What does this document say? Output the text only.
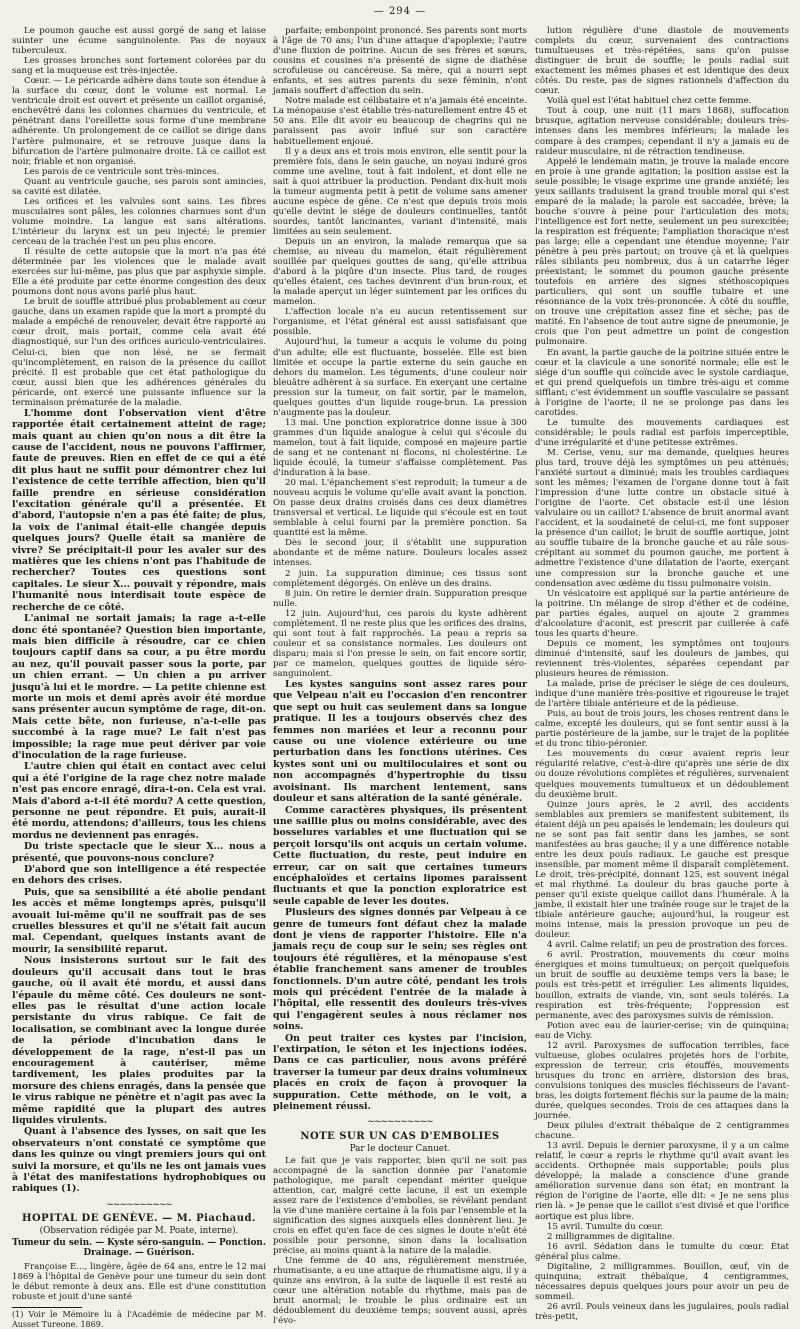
— 294 —

Le poumon gauche est aussi gorgé de sang et laisse suinter une écume sanguinolente. Pas de noyaux tuberculeux.

Les grosses bronches sont fortement colorées par du sang et la muqueuse est très-injectée.

Cœur. — Le péricarde adhère dans toute son étendue à la surface du cœur, dont le volume est normal. Le ventricule droit est ouvert et présente un caillot organisé, enchevêtré dans les colonnes charnues du ventricule, et pénétrant dans l'oreillette sous forme d'une membrane adhérente. Un prolongement de ce caillot se dirige dans l'artère pulmonaire, et se retrouve jusque dans la bifurcation de l'artère pulmonaire droite. Là ce caillot est noir, friable et non organisé.

Les parois de ce ventricule sont très-minces.

Quant au ventricule gauche, ses parois sont amincies, sa cavité est dilatée.

Les orifices et les valvules sont sains. Les fibres musculaires sont pâles, les colonnes charnues sont d'un volume moindre. La langue est sans altérations. L'intérieur du larynx est un peu injecté; le premier cerceau de la trachée l'est un peu plus encore.

Il résulte de cette autopsie que la mort n'a pas été déterminée par les violences que le malade avait exercées sur lui-même, pas plus que par asphyxie simple. Elle a été produite par cette énorme congestion des deux poumons dont nous avons parlé plus haut.

Le bruit de souffle attribué plus probablement au cœur gauche, dans un examen rapide que la mort a prompté du malade a empêché de renouveler, devait être rapporté au cœur droit, mais portait, comme cela avait été diagnostiqué, sur l'un des orifices auriculo-ventriculaires. Celui-ci, bien que non lésé, ne se fermait qu'incomplètement, en raison de la présence du caillot précité. Il est probable que cet état pathologique du cœur, aussi bien que les adhérences générales du péricarde, ont exercé une puissante influence sur la terminaison prématurée de la maladie.

L'homme dont l'observation vient d'être rapportée était certainement atteint de rage; mais quant au chien qu'on nous a dit être la cause de l'accident, nous ne pouvons l'affirmer, faute de preuves. Rien en effet de ce qui a été dit plus haut ne suffit pour démontrer chez lui l'existence de cette terrible affection, bien qu'il faille prendre en sérieuse considération l'excitation générale qu'il a présentée. Et d'abord, l'autopsie n'en a pas été faite; de plus, la voix de l'animal était-elle changée depuis quelques jours? Quelle était sa manière de vivre? Se précipitait-il pour les avaler sur des matières que les chiens n'ont pas l'habitude de rechercher? Toutes ces questions sont capitales. Le sieur X... pouvait y répondre, mais l'humanité nous interdisait toute espèce de recherche de ce côté.

L'animal ne sortait jamais; la rage a-t-elle donc été spontanée? Question bien importante, mais bien difficile à résoudre, car ce chien toujours captif dans sa cour, a pu être mordu au nez, qu'il pouvait passer sous la porte, par un chien errant. — Un chien a pu arriver jusqu'à lui et le mordre. — La petite chienne est morte un mois et demi après avoir été mordue sans présenter aucun symptôme de rage, dit-on. Mais cette bête, non furieuse, n'a-t-elle pas succombé à la rage mue? Le fait n'est pas impossible; la rage mue peut dériver par voie d'inoculation de la rage furieuse.

L'autre chien qui était en contact avec celui qui a été l'origine de la rage chez notre malade n'est pas encore enragé, dira-t-on. Cela est vrai. Mais d'abord a-t-il été mordu? A cette question, personne ne peut répondre. Et puis, aurait-il été mordu, attendons; d'ailleurs, tous les chiens mordus ne deviennent pas enragés.

Du triste spectacle que le sieur X... nous a présenté, que pouvons-nous conclure?

D'abord que son intelligence a été respectée en dehors des crises.

Puis, que sa sensibilité a été abolie pendant les accès et même longtemps après, puisqu'il avouait lui-même qu'il ne souffrait pas de ses cruelles blessures et qu'il ne s'était fait aucun mal. Cependant, quelques instants avant de mourir, la sensibilité reparut.

Nous insisterons surtout sur le fait des douleurs qu'il accusait dans tout le bras gauche, où il avait été mordu, et aussi dans l'épaule du même côté. Ces douleurs ne sont-elles pas le résultat d'une action locale persistante du virus rabique. Ce fait de localisation, se combinant avec la longue durée de la période d'incubation dans le développement de la rage, n'est-il pas un encouragement à cautériser, même tardivement, les plaies produites par la morsure des chiens enragés, dans la pensée que le virus rabique ne pénètre et n'agit pas avec la même rapidité que la plupart des autres liquides virulents.

Quant à l'absence des lysses, on sait que les observateurs n'ont constaté ce symptôme que dans les quinze ou vingt premiers jours qui ont suivi la morsure, et qu'ils ne les ont jamais vues à l'état des manifestations hydrophobiques ou rabiques (1).

~~~~~~~~~~
HOPITAL DE GENÈVE. — M. Piachaud.
(Observation rédigée par M. Poate, interne).
Tumeur du sein. — Kyste séro-sanguin. — Ponction. Drainage. — Guérison.

Françoise E..., lingère, âgée de 64 ans, entre le 12 mai 1869 à l'hôpital de Genève pour une tumeur du sein dont le début remonte à deux ans. Elle est d'une constitution robuste et jouit d'une santé

(1) Voir le Mémoire lu à l'Académie de médecine par M. Ausset Tureone. 1869.

parfaite; embonpoint prononcé. Ses parents sont morts à l'âge de 70 ans; l'un d'une attaque d'apoplexie; l'autre d'une fluxion de poitrine. Aucun de ses frères et sœurs, cousins et cousines n'a présenté de signe de diathèse scrofuleuse ou cancéreuse. Sa mère, qui a nourri sept enfants, et ses autres parents du sexe féminin, n'ont jamais souffert d'affection du sein.

Notre malade est célibataire et n'a jamais été enceinte. La ménopause s'est établie très-naturellement entre 45 et 50 ans. Elle dit avoir eu beaucoup de chagrins qui ne paraissent pas avoir influé sur son caractère habituellement enjoué.

Il y a deux ans et trois mois environ, elle sentit pour la première fois, dans le sein gauche, un noyau induré gros comme une aveline, tout à fait indolent, et dont elle ne sait à quoi attribuer la production. Pendant dix-huit mois la tumeur augmenta petit à petit de volume sans amener aucune espèce de gêne. Ce n'est que depuis trois mois qu'elle devint le siége de douleurs continuelles, tantôt sourdes, tantôt lancinantes, variant d'intensité, mais limitées au sein seulement.

Depuis un an environ, la malade remarqua que sa chemise, au niveau du mamelon, était régulièrement souillée par quelques gouttes de sang, qu'elle attribua d'abord à la piqûre d'un insecte. Plus tard, de rouges qu'elles étaient, ces taches devinrent d'un brun-roux, et la malade aperçut un léger suintement par les orifices du mamelon.

L'affection locale n'a eu aucun retentissement sur l'organisme, et l'état général est aussi satisfaisant que possible.

Aujourd'hui, la tumeur a acquis le volume du poing d'un adulte; elle est fluctuante, bosselée. Elle est bien limitée et occupe la partie externe du sein gauche en dehors du mamelon. Les téguments, d'une couleur noir bleuâtre adhèrent à sa surface. En exerçant une certaine pression sur la tumeur, on fait sortir, par le mamelon, quelques gouttes d'un liquide rouge-brun. La pression n'augmente pas la douleur.

13 mai. Une ponction exploratrice donne issue à 300 grammes d'un liquide analogue à celui qui s'écoule du mamelon, tout à fait liquide, composé en majeure partie de sang et ne contenant ni flocons, ni cholestérine. Le liquide écoulé, la tumeur s'affaisse complètement. Pas d'induration à la base.

20 mai. L'épanchement s'est reproduit; la tumeur a de nouveau acquis le volume qu'elle avait avant la ponction. On passe deux drains croisés dans ces deux diamètres transversal et vertical. Le liquide qui s'écoule est en tout semblable à celui fourni par la première ponction. Sa quantité est la même.

Dès le second jour, il s'établit une suppuration abondante et de même nature. Douleurs locales assez intenses.

2 juin. La suppuration diminue; ces tissus sont complètement dégorgés. On enlève un des drains.

8 juin. On retire le dernier drain. Suppuration presque nulle.

12 juin. Aujourd'hui, ces parois du kyste adhèrent complètement. Il ne reste plus que les orifices des drains, qui sont tout à fait rapprochés. La peau a repris sa couleur et sa consistance normales. Les douleurs ont disparu; mais si l'on presse le sein, on fait encore sortir, par ce mamelon, quelques gouttes de liquide séro-sanguinolent.

Les kystes sanguins sont assez rares pour que Velpeau n'ait eu l'occasion d'en rencontrer que sept ou huit cas seulement dans sa longue pratique. Il les a toujours observés chez des femmes non mariées et leur a reconnu pour cause ou une violence extérieure ou une perturbation dans les fonctions utérines. Ces kystes sont uni ou multiloculaires et sont ou non accompagnés d'hypertrophie du tissu avoisinant. Ils marchent lentement, sans douleur et sans altération de la santé générale.

Comme caractères physiques, ils présentent une saillie plus ou moins considérable, avec des bosselures variables et une fluctuation qui se perçoit lorsqu'ils ont acquis un certain volume. Cette fluctuation, du reste, peut induire en erreur, car on sait que certaines tumeurs encéphaloïdes et certains lipomes paraissent fluctuants et que la ponction exploratrice est seule capable de lever les doutes.

Plusieurs des signes donnés par Velpeau à ce genre de tumeurs font défaut chez la malade dont je viens de rapporter l'histoire. Elle n'a jamais reçu de coup sur le sein; ses règles ont toujours été régulières, et la ménopause s'est établie franchement sans amener de troubles fonctionnels. D'un autre côté, pendant les trois mois qui précédent l'entrée de la malade à l'hôpital, elle ressentit des douleurs très-vives qui l'engagèrent seules à nous réclamer nos soins.

On peut traiter ces kystes par l'incision, l'extirpation, le séton et les injections iodées. Dans ce cas particulier, nous avons préféré traverser la tumeur par deux drains volumineux placés en croix de façon à provoquer la suppuration. Cette méthode, on le voit, a pleinement réussi.

~~~~~~~~~~
NOTE SUR UN CAS D'EMBOLIES
Par le docteur Canuet.

Le fait que je vais rapporter, bien qu'il ne soit pas accompagné de la sanction donnée par l'anatomie pathologique, me paraît cependant mériter quelque attention, car, malgré cette lacune, il est un exemple assez rare de l'existence d'embolies, se révélant pendant la vie d'une manière certaine à la fois par l'ensemble et la signification des signes auxquels elles donnèrent lieu. Je crois en effet qu'en face de ces signes le doute n'eût été possible pour personne, sinon dans la localisation précise, au moins quant à la nature de la maladie.

Une femme de 40 ans, régulièrement menstruée, rhumatisante, a eu une attaque de rhumatisme aigu, il y a quinze ans environ, à la suite de laquelle il est resté au cœur une altération notable du rhythme, mais pas de bruit anormal; le trouble le plus ordinaire est un dédoublement du deuxième temps; souvent aussi, après l'évo-

lution régulière d'une diastole de mouvements complets du cœur, survenaient des contractions tumultueuses et très-répétées, sans qu'on puisse distinguer de bruit de souffle; le pouls radial suit exactement les mêmes phases et est identique des deux côtés. Du reste, pas de signes rationnels d'affection du cœur.

Voilà quel est l'état habituel chez cette femme.

Tout à coup, une nuit (11 mars 1868), suffocation brusque, agitation nerveuse considérable; douleurs très-intenses dans les membres inférieurs; la malade les compare à des crampes; cependant il n'y a jamais eu de raideur musculaire, ni de rétraction tendineuse.

Appelé le lendemain matin, je trouve la malade encore en proie à une grande agitation; la position assise est la seule possible; le visage exprime une grande anxiété; les yeux saillants traduisent la grand trouble moral qui s'est emparé de la malade; la parole est saccadée, brève; la bouche s'ouvre à peine pour l'articulation des mots; l'intelligence est fort nette, seulement un peu surexcitée; la respiration est fréquente; l'ampliation thoracique n'est pas large; elle a cependant une étendue moyenne; l'air pénètre à peu près partout; on trouve çà et là quelques râles sibilants peu nombreux, dus à un catarrhe léger préexistant; le sommet du poumon gauche présente toutefois en arrière des signes stéthoscopiques particuliers, qui sont un souffle tubaire et une résonnance de la voix très-prononcée. À côté du souffle, on trouve une crépitation assez fine et sèche; pas de matité. En l'absence de tout autre signe de pneumonie, je crois que l'on peut admettre un point de congestion pulmonaire.

En avant, la partie gauche de la poitrine située entre le cœur et la clavicule a une sonorité normale; elle est le siége d'un souffle qui coïncide avec le systole cardiaque, et qui prend quelquefois un timbre très-aigu et comme sifflant; c'est évidemment un souffle vasculaire se passant à l'origine de l'aorte; il ne se prolonge pas dans les carotides.

Le tumulte des mouvements cardiaques est considérable; le pouls radial est parfois imperceptible, d'une irrégularité et d'une petitesse extrêmes.

M. Cerise, venu, sur ma demande, quelques heures plus tard, trouve déjà les symptômes un peu atténués; l'anxiété surtout a diminué; mais les troubles cardiaques sont les mêmes; l'examen de l'organe donne tout à fait l'impression d'une lutte contre un obstacle situé à l'origine de l'aorte. Cet obstacle est-il une lésion valvulaire ou un caillot? L'absence de bruit anormal avant l'accident, et la soudaineté de celui-ci, me font supposer la présence d'un caillot; le bruit de souffle aortique, joint au souffle tubaire de la bronche gauche et au râle sous-crépitant au sommet du poumon gauche, me portent à admettre l'existence d'une dilatation de l'aorte, exerçant une compression sur la bronche gauche et une condensation avec œdème du tissu pulmonaire voisin.

Un vésicatoire est appliqué sur la partie antérieure de la poitrine. Un mélange de sirop d'éther et de codéine, par parties égales, auquel on ajoute 2 grammes d'alcoolature d'aconit, est prescrit par cuillerée à café tous les quarts d'heure.

Depuis ce moment, les symptômes ont toujours diminué d'intensité, sauf les douleurs de jambes, qui reviennent très-violentes, séparées cependant par plusieurs heures de rémission.

La malade, prise de préciser le siége de ces douleurs, indique d'une manière très-positive et rigoureuse le trajet de l'artère tibiale antérieure et de la pédieuse.

Puis, au bout de trois jours, les choses rentrent dans le calme, excepté les douleurs, qui se font sentir aussi à la partie postérieure de la jambe, sur le trajet de la poplitée et du tronc tibio-péronier.

Les mouvements du cœur avaient repris leur régularité relative, c'est-à-dire qu'après une série de dix ou douze révolutions complètes et régulières, survenaient quelques mouvements tumultueux et un dédoublement du deuxième bruit.

Quinze jours après, le 2 avril, des accidents semblables aux premiers se manifestent subitement, ils étaient déjà un peu apaisés le lendemain; les douleurs qui ne se sont pas fait sentir dans les jambes, se sont manifestées au bras gauche; il y a une différence notable entre les deux pouls radiaux. Le gauche est presque insensible, par moment même il disparaît complètement. Le droit, très-précipité, donnant 125, est souvent inégal et mal rhythmé. La douleur du bras gauche porte à penser qu'il existe quelque caillot dans l'humérale. À la jambe, il existait hier une traînée rouge sur le trajet de la tibiale antérieure gauche; aujourd'hui, la rougeur est moins intense, mais la pression provoque un peu de douleur.

4 avril. Calme relatif; un peu de prostration des forces.

6 avril. Prostration, mouvements du cœur moins énergiques et moins tumultueux; on perçoit quelquefois un bruit de souffle au deuxième temps vers la base; le pouls est très-petit et irrégulier. Les aliments liquides, bouillon, extraits de viande, vin, sont seuls tolérés. La respiration est très-fréquente; l'oppression est permanente, avec des paroxysmes suivis de rémission.

Potion avec eau de laurier-cerise; vin de quinquina; eau de Vichy.

12 avril. Paroxysmes de suffocation terribles, face vultueuse, globes oculaires projetés hors de l'orbite, expression de terreur, cris étouffés, mouvements brusques du tronc en arrière, distorsion des bras, convulsions toniques des muscles fléchisseurs de l'avant-bras, les doigts fortement fléchis sur la paume de la main; durée, quelques secondes. Trois de ces attaques dans la journée.

Deux pilules d'extrait thébaïque de 2 centigrammes chacune.

13 avril. Depuis le dernier paroxysme, il y a un calme relatif, le cœur a repris le rhythme qu'il avait avant les accidents. Orthopnée mais supportable; pouls plus développé; la malade a conscience d'une grande amélioration survenue dans son état; en montrant la région de l'origine de l'aorte, elle dit: « Je ne sens plus rien là. » Je pense que le caillot s'est divisé et que l'orifice aortique est plus libre.

15 avril. Tumulte du cœur.

2 milligrammes de digitaline.

16 avril. Sédation dans le tumulte du cœur. État général plus calme.

Digitaline, 2 milligrammes. Bouillon, œuf, vin de quinquina; extrait thébaïque, 4 centigrammes, nécessaires depuis quelques jours pour avoir un peu de sommeil.

26 avril. Pouls veineux dans les jugulaires, pouls radial très-petit,
